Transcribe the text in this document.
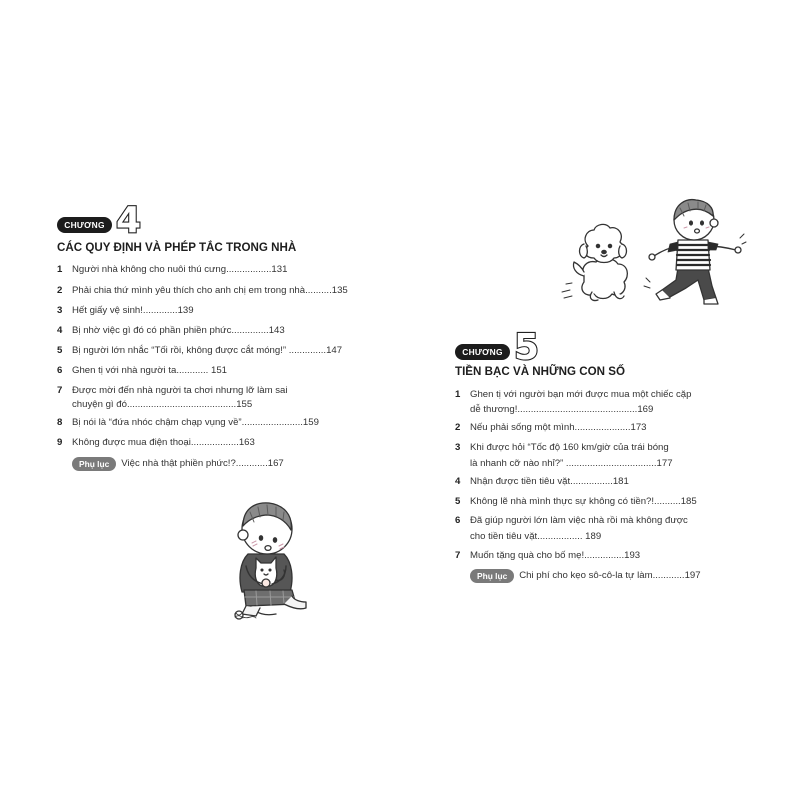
CHƯƠNG 4
CÁC QUY ĐỊNH VÀ PHÉP TẮC TRONG NHÀ
1 Người nhà không cho nuôi thú cưng.................131
2 Phải chia thứ mình yêu thích cho anh chị em trong nhà..........135
3 Hết giấy vệ sinh!.............139
4 Bị nhờ việc gì đó có phần phiền phức..............143
5 Bị người lớn nhắc “Tối rồi, không được cắt móng!” ..............147
6 Ghen tị với nhà người ta............ 151
7 Được mời đến nhà người ta chơi nhưng lỡ làm sai
chuyện gì đó.........................................155
8 Bị nói là “đứa nhóc chậm chạp vụng về”.......................159
9 Không được mua điện thoại..................163
Phụ lục Việc nhà thật phiền phức!?............167
CHƯƠNG 5
TIỀN BẠC VÀ NHỮNG CON SỐ
1 Ghen tị với người bạn mới được mua một chiếc cặp
dễ thương!.............................................169
2 Nếu phải sống một mình.....................173
3 Khi được hỏi “Tốc độ 160 km/giờ của trái bóng
là nhanh cỡ nào nhỉ?” ..................................177
4 Nhận được tiền tiêu vặt................181
5 Không lẽ nhà mình thực sự không có tiền?!..........185
6 Đã giúp người lớn làm việc nhà rồi mà không được
cho tiền tiêu vặt................. 189
7 Muốn tặng quà cho bố mẹ!...............193
Phụ lục Chi phí cho kẹo sô-cô-la tự làm............197
